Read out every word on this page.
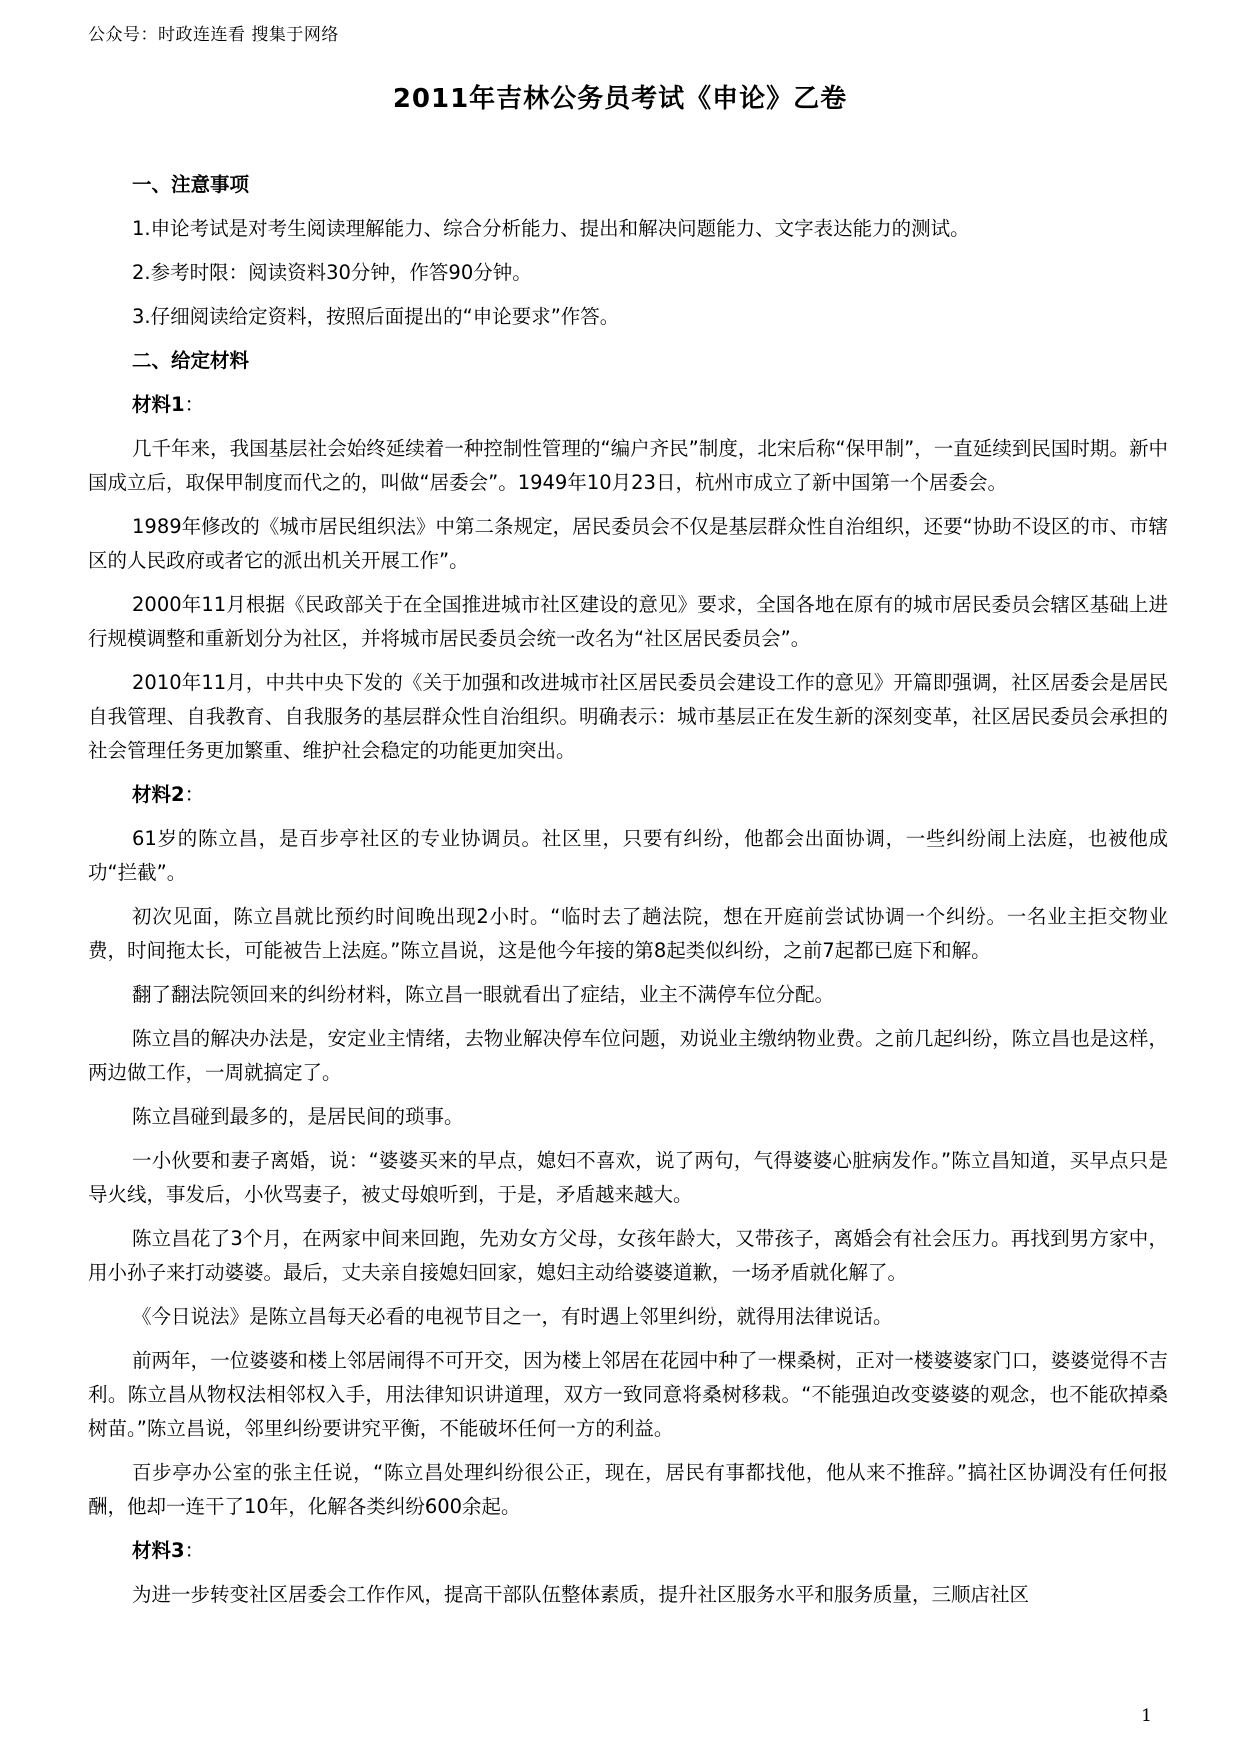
公众号：时政连连看 搜集于网络
2011年吉林公务员考试《申论》乙卷
一、注意事项
1.申论考试是对考生阅读理解能力、综合分析能力、提出和解决问题能力、文字表达能力的测试。
2.参考时限：阅读资料30分钟，作答90分钟。
3.仔细阅读给定资料，按照后面提出的“申论要求”作答。
二、给定材料
材料1：
几千年来，我国基层社会始终延续着一种控制性管理的“编户齐民”制度，北宋后称“保甲制”，一直延续到民国时期。新中国成立后，取保甲制度而代之的，叫做“居委会”。1949年10月23日，杭州市成立了新中国第一个居委会。
1989年修改的《城市居民组织法》中第二条规定，居民委员会不仅是基层群众性自治组织，还要“协助不设区的市、市辖区的人民政府或者它的派出机关开展工作”。
2000年11月根据《民政部关于在全国推进城市社区建设的意见》要求，全国各地在原有的城市居民委员会辖区基础上进行规模调整和重新划分为社区，并将城市居民委员会统一改名为“社区居民委员会”。
2010年11月，中共中央下发的《关于加强和改进城市社区居民委员会建设工作的意见》开篇即强调，社区居委会是居民自我管理、自我教育、自我服务的基层群众性自治组织。明确表示：城市基层正在发生新的深刻变革，社区居民委员会承担的社会管理任务更加繁重、维护社会稳定的功能更加突出。
材料2：
61岁的陈立昌，是百步亭社区的专业协调员。社区里，只要有纠纷，他都会出面协调，一些纠纷闹上法庭，也被他成功“拦截”。
初次见面，陈立昌就比预约时间晚出现2小时。“临时去了趟法院，想在开庭前尝试协调一个纠纷。一名业主拒交物业费，时间拖太长，可能被告上法庭。”陈立昌说，这是他今年接的第8起类似纠纷，之前7起都已庭下和解。
翻了翻法院领回来的纠纷材料，陈立昌一眼就看出了症结，业主不满停车位分配。
陈立昌的解决办法是，安定业主情绪，去物业解决停车位问题，劝说业主缴纳物业费。之前几起纠纷，陈立昌也是这样，两边做工作，一周就搞定了。
陈立昌碰到最多的，是居民间的琐事。
一小伙要和妻子离婚，说：“婆婆买来的早点，媳妇不喜欢，说了两句，气得婆婆心脏病发作。”陈立昌知道，买早点只是导火线，事发后，小伙骂妻子，被丈母娘听到，于是，矛盾越来越大。
陈立昌花了3个月，在两家中间来回跑，先劝女方父母，女孩年龄大，又带孩子，离婚会有社会压力。再找到男方家中，用小孙子来打动婆婆。最后，丈夫亲自接媳妇回家，媳妇主动给婆婆道歉，一场矛盾就化解了。
《今日说法》是陈立昌每天必看的电视节目之一，有时遇上邻里纠纷，就得用法律说话。
前两年，一位婆婆和楼上邻居闹得不可开交，因为楼上邻居在花园中种了一棵桑树，正对一楼婆婆家门口，婆婆觉得不吉利。陈立昌从物权法相邻权入手，用法律知识讲道理，双方一致同意将桑树移栽。“不能强迫改变婆婆的观念，也不能砍掉桑树苗。”陈立昌说，邻里纠纷要讲究平衡，不能破坏任何一方的利益。
百步亭办公室的张主任说，“陈立昌处理纠纷很公正，现在，居民有事都找他，他从来不推辞。”搞社区协调没有任何报酬，他却一连干了10年，化解各类纠纷600余起。
材料3：
为进一步转变社区居委会工作作风，提高干部队伍整体素质，提升社区服务水平和服务质量，三顺店社区
1
